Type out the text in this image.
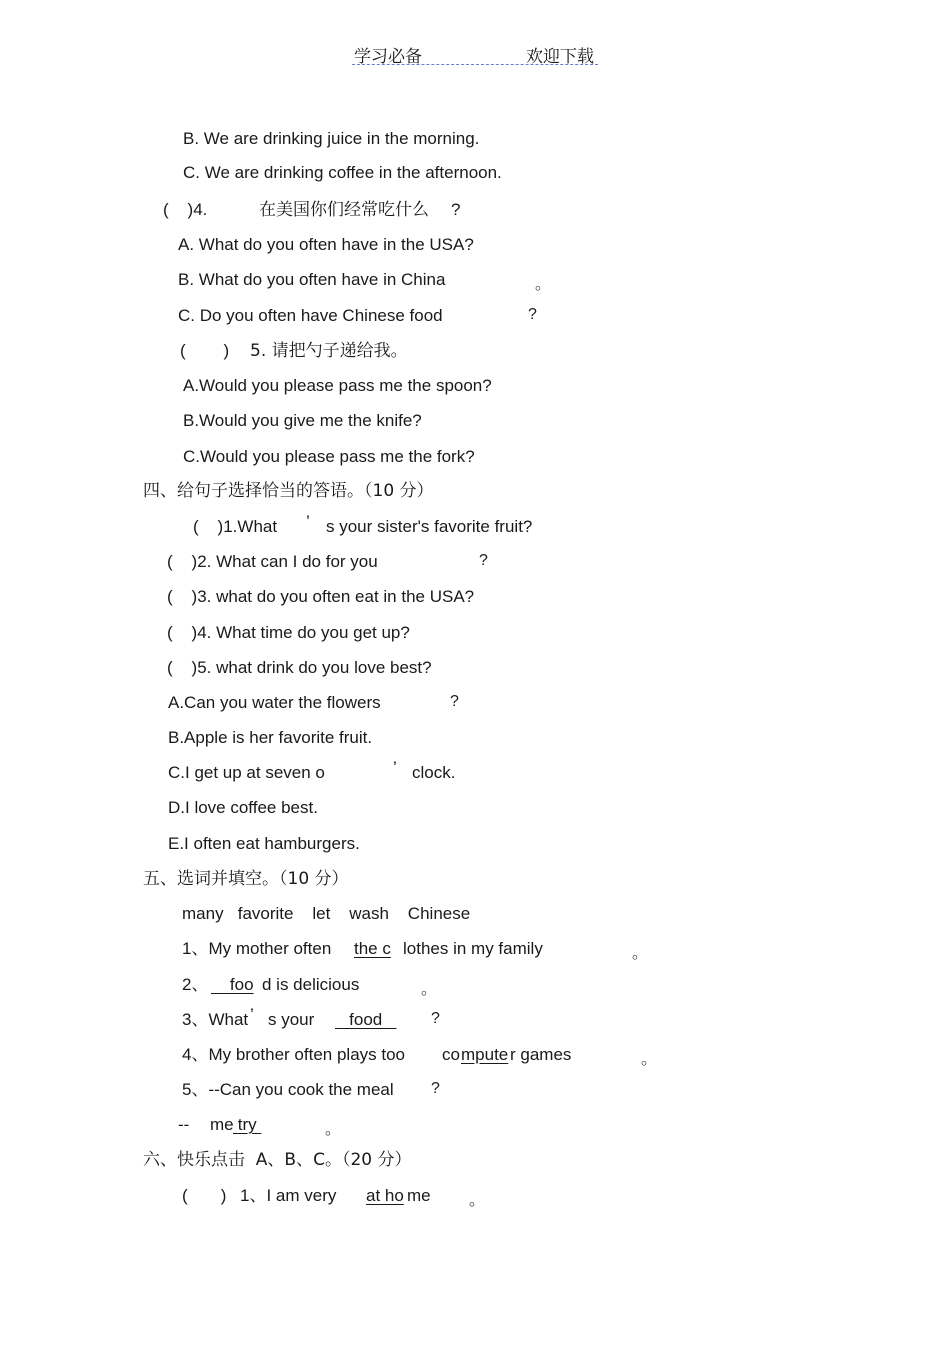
学习必备	欢迎下载
B. We are drinking juice in the morning.
C. We are drinking coffee in the afternoon.
(    )4.	在美国你们经常吃什么 ?
A. What do you often have in the USA?
B. What do you often have in China	。
C. Do you often have Chinese food	?
(        ) 5. 请把勺子递给我。
A.Would you please pass me the spoon?
B.Would you give me the knife?
C.Would you please pass me the fork?
四、给句子选择恰当的答语。（10 分）
(    )1.What ’ s your sister's favorite fruit?
(    )2. What can I do for you	?
(    )3. what do you often eat in the USA?
(    )4. What time do you get up?
(    )5. what drink do you love best?
A.Can you water the flowers	?
B.Apple is her favorite fruit.
C.I get up at seven o	’ clock.
D.I love coffee best.
E.I often eat hamburgers.
五、选词并填空。（10 分）
many   favorite    let    wash    Chinese
1、My mother often the c lothes in my family	。
2、 foo d is delicious	。
3、What ’ s your food ?
4、My brother often plays too co mpute r games	。
5、--Can you cook the meal ?
-- me try	。
六、快乐点击  A、B、C。（20 分）
(       ) 1、I am very at ho me 。
